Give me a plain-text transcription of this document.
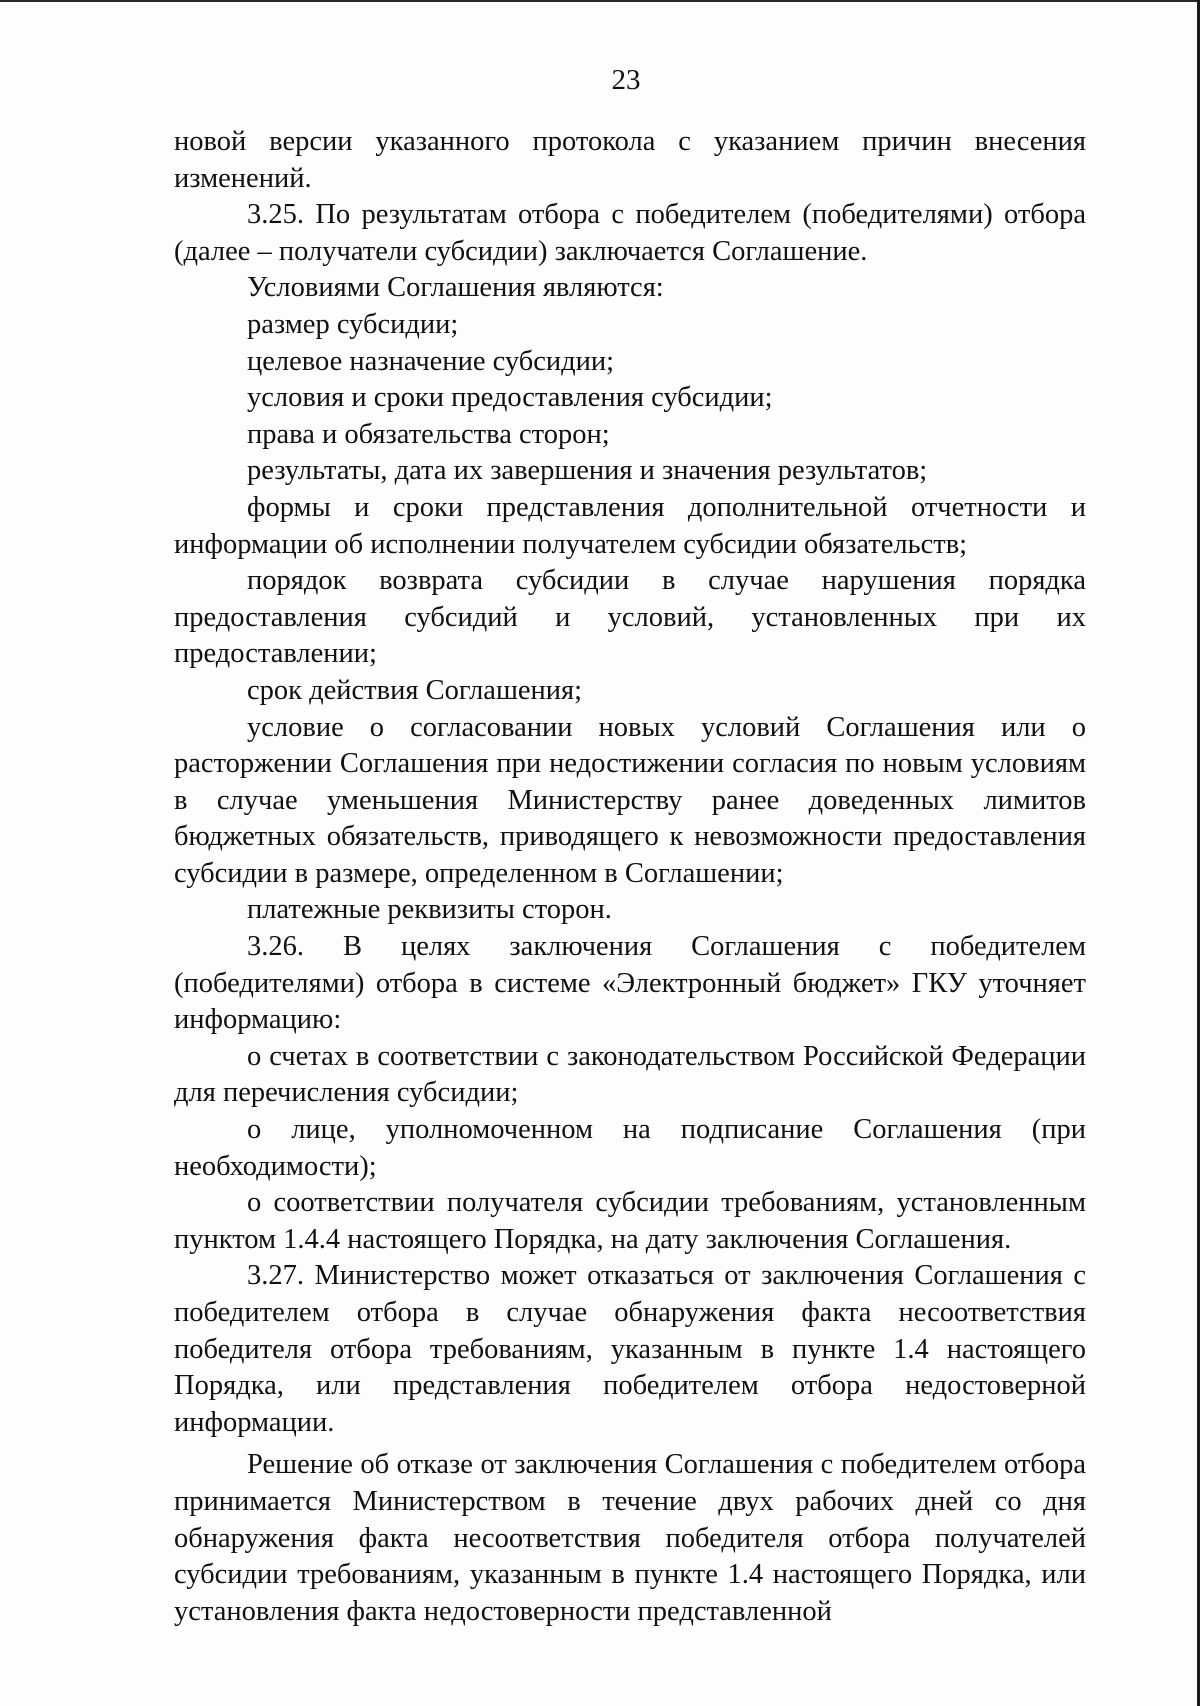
23

новой версии указанного протокола с указанием причин внесения изменений.

3.25. По результатам отбора с победителем (победителями) отбора (далее – получатели субсидии) заключается Соглашение.

Условиями Соглашения являются:

размер субсидии;

целевое назначение субсидии;

условия и сроки предоставления субсидии;

права и обязательства сторон;

результаты, дата их завершения и значения результатов;

формы и сроки представления дополнительной отчетности и информации об исполнении получателем субсидии обязательств;

порядок возврата субсидии в случае нарушения порядка предоставления субсидий и условий, установленных при их предоставлении;

срок действия Соглашения;

условие о согласовании новых условий Соглашения или о расторжении Соглашения при недостижении согласия по новым условиям в случае уменьшения Министерству ранее доведенных лимитов бюджетных обязательств, приводящего к невозможности предоставления субсидии в размере, определенном в Соглашении;

платежные реквизиты сторон.

3.26. В целях заключения Соглашения с победителем (победителями) отбора в системе «Электронный бюджет» ГКУ уточняет информацию:

о счетах в соответствии с законодательством Российской Федерации для перечисления субсидии;

о лице, уполномоченном на подписание Соглашения (при необходимости);

о соответствии получателя субсидии требованиям, установленным пунктом 1.4.4 настоящего Порядка, на дату заключения Соглашения.

3.27. Министерство может отказаться от заключения Соглашения с победителем отбора в случае обнаружения факта несоответствия победителя отбора требованиям, указанным в пункте 1.4 настоящего Порядка, или представления победителем отбора недостоверной информации.

Решение об отказе от заключения Соглашения с победителем отбора принимается Министерством в течение двух рабочих дней со дня обнаружения факта несоответствия победителя отбора получателей субсидии требованиям, указанным в пункте 1.4 настоящего Порядка, или установления факта недостоверности представленной
